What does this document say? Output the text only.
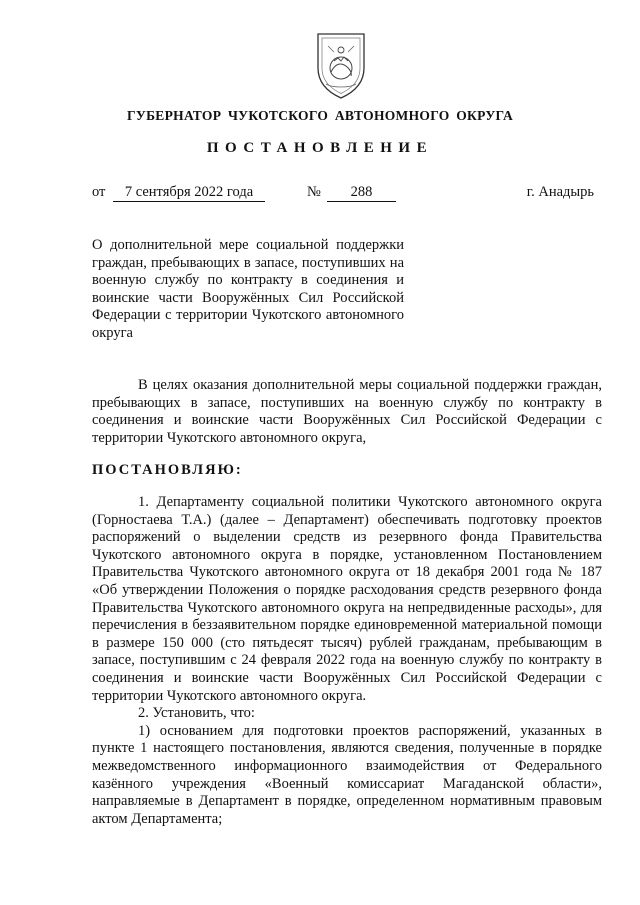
ГУБЕРНАТОР ЧУКОТСКОГО АВТОНОМНОГО ОКРУГА
ПОСТАНОВЛЕНИЕ
от	7 сентября 2022 года	№	288	г. Анадырь
О дополнительной мере социальной поддержки граждан, пребывающих в запасе, поступивших на военную службу по контракту в соединения и воинские части Вооружённых Сил Российской Федерации с территории Чукотского автономного округа
В целях оказания дополнительной меры социальной поддержки граждан, пребывающих в запасе, поступивших на военную службу по контракту в соединения и воинские части Вооружённых Сил Российской Федерации с территории Чукотского автономного округа,
ПОСТАНОВЛЯЮ:

1. Департаменту социальной политики Чукотского автономного округа (Горностаева Т.А.) (далее – Департамент) обеспечивать подготовку проектов распоряжений о выделении средств из резервного фонда Правительства Чукотского автономного округа в порядке, установленном Постановлением Правительства Чукотского автономного округа от 18 декабря 2001 года № 187 «Об утверждении Положения о порядке расходования средств резервного фонда Правительства Чукотского автономного округа на непредвиденные расходы», для перечисления в беззаявительном порядке единовременной материальной помощи в размере 150 000 (сто пятьдесят тысяч) рублей гражданам, пребывающим в запасе, поступившим с 24 февраля 2022 года на военную службу по контракту в соединения и воинские части Вооружённых Сил Российской Федерации с территории Чукотского автономного округа.

2. Установить, что:

1) основанием для подготовки проектов распоряжений, указанных в пункте 1 настоящего постановления, являются сведения, полученные в порядке межведомственного информационного взаимодействия от Федерального казённого учреждения «Военный комиссариат Магаданской области», направляемые в Департамент в порядке, определенном нормативным правовым актом Департамента;
